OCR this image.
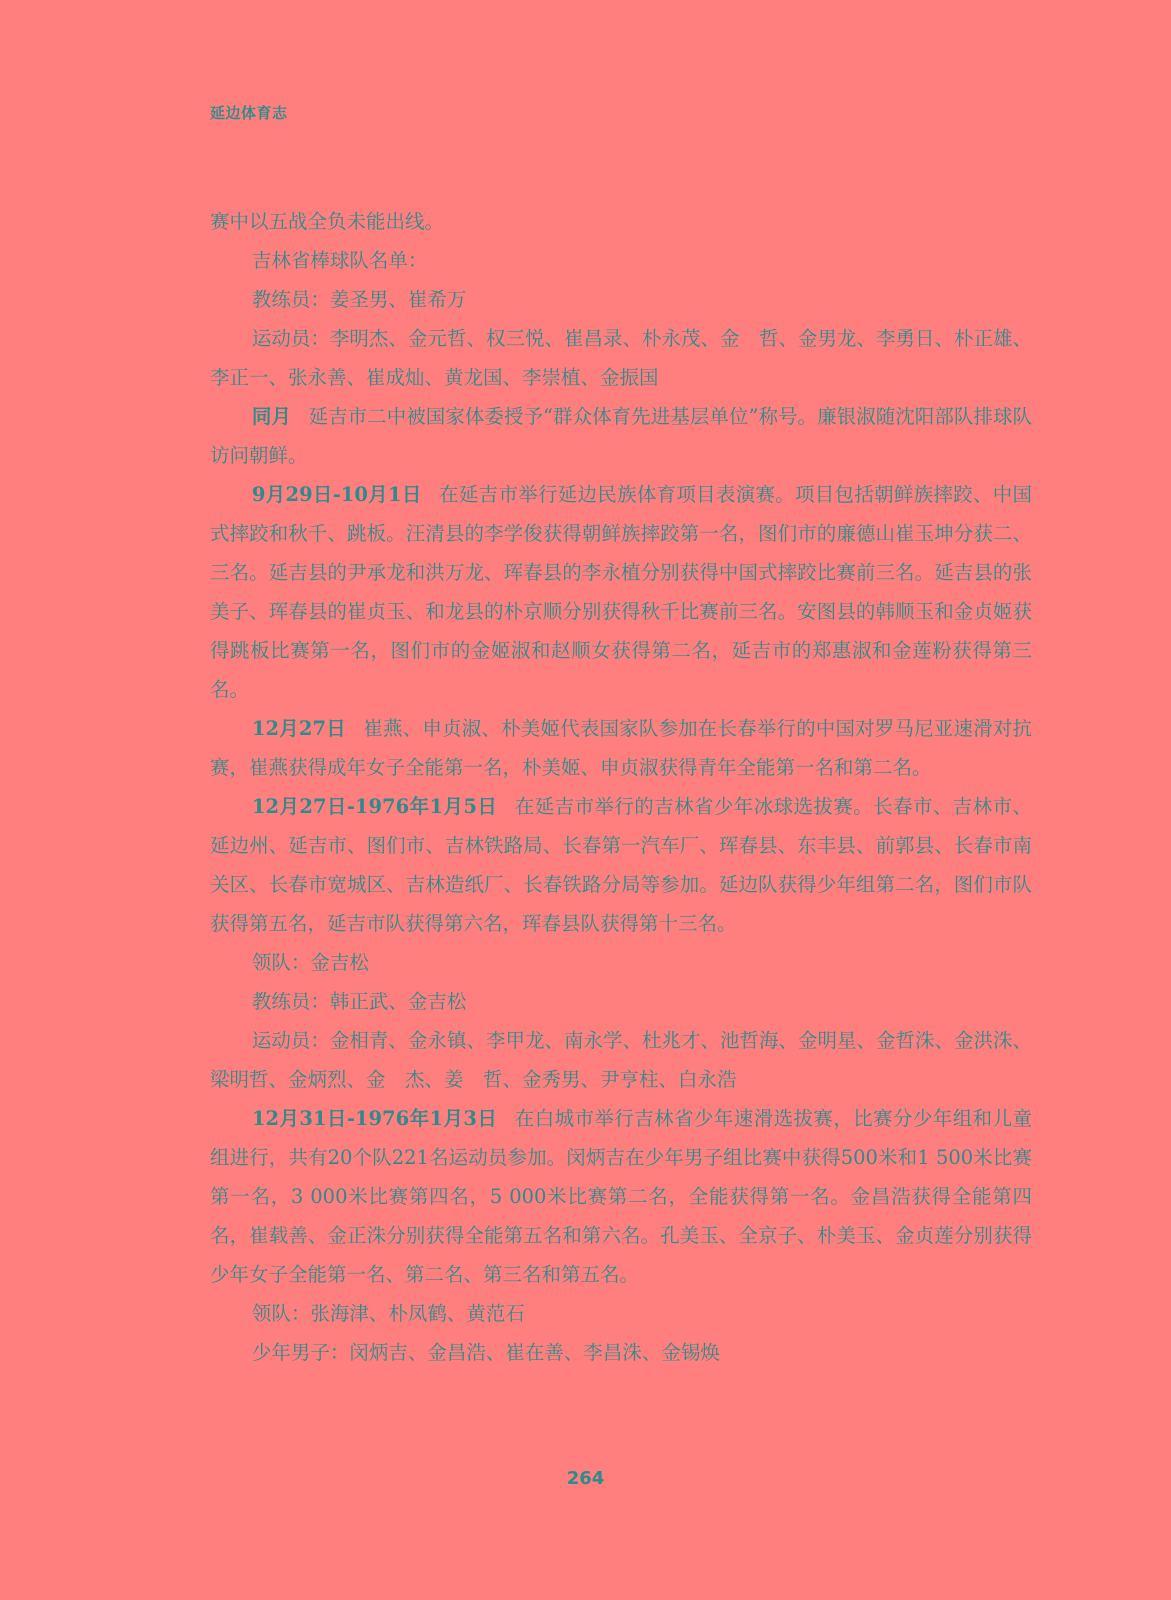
延边体育志

赛中以五战全负未能出线。

吉林省棒球队名单：

教练员：姜圣男、崔希万

运动员：李明杰、金元哲、权三悦、崔昌录、朴永茂、金　哲、金男龙、李勇日、朴正雄、李正一、张永善、崔成灿、黄龙国、李崇植、金振国

同月 延吉市二中被国家体委授予“群众体育先进基层单位”称号。廉银淑随沈阳部队排球队访问朝鲜。

9月29日-10月1日 在延吉市举行延边民族体育项目表演赛。项目包括朝鲜族摔跤、中国式摔跤和秋千、跳板。汪清县的李学俊获得朝鲜族摔跤第一名，图们市的廉德山崔玉坤分获二、三名。延吉县的尹承龙和洪万龙、珲春县的李永植分别获得中国式摔跤比赛前三名。延吉县的张美子、珲春县的崔贞玉、和龙县的朴京顺分别获得秋千比赛前三名。安图县的韩顺玉和金贞姬获得跳板比赛第一名，图们市的金姬淑和赵顺女获得第二名，延吉市的郑惠淑和金莲粉获得第三名。

12月27日 崔燕、申贞淑、朴美姬代表国家队参加在长春举行的中国对罗马尼亚速滑对抗赛，崔燕获得成年女子全能第一名，朴美姬、申贞淑获得青年全能第一名和第二名。

12月27日-1976年1月5日 在延吉市举行的吉林省少年冰球选拔赛。长春市、吉林市、延边州、延吉市、图们市、吉林铁路局、长春第一汽车厂、珲春县、东丰县、前郭县、长春市南关区、长春市宽城区、吉林造纸厂、长春铁路分局等参加。延边队获得少年组第二名，图们市队获得第五名，延吉市队获得第六名，珲春县队获得第十三名。

领队：金吉松

教练员：韩正武、金吉松

运动员：金相青、金永镇、李甲龙、南永学、杜兆才、池哲海、金明星、金哲洙、金洪洙、梁明哲、金炳烈、金　杰、姜　哲、金秀男、尹亨柱、白永浩

12月31日-1976年1月3日 在白城市举行吉林省少年速滑选拔赛，比赛分少年组和儿童组进行，共有20个队221名运动员参加。闵炳吉在少年男子组比赛中获得500米和1 500米比赛第一名，3 000米比赛第四名，5 000米比赛第二名，全能获得第一名。金昌浩获得全能第四名，崔载善、金正洙分别获得全能第五名和第六名。孔美玉、全京子、朴美玉、金贞莲分别获得少年女子全能第一名、第二名、第三名和第五名。

领队：张海津、朴凤鹤、黄范石

少年男子：闵炳吉、金昌浩、崔在善、李昌洙、金锡焕

264
